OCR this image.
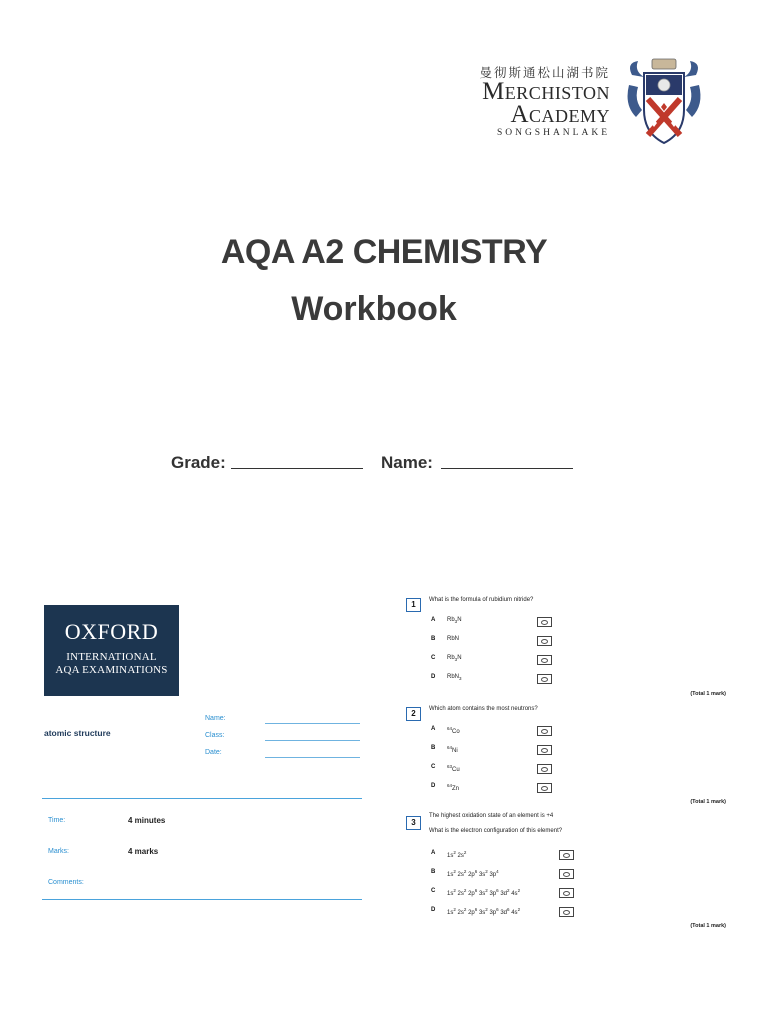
曼彻斯通松山湖书院
Merchiston
Academy
SONGSHANLAKE
AQA A2 CHEMISTRY
Workbook
Grade:	Name:
OXFORD
INTERNATIONAL
AQA EXAMINATIONS
atomic structure
Name:
Class:
Date:
Time:	4 minutes
Marks:	4 marks
Comments:
1	What is the formula of rubidium nitride?
A $Rb_3N$
B RbN
C $Rb_3N$
D RbN$_3$
(Total 1 mark)
2	Which atom contains the most neutrons?
A	$^{64}$Co
B	$^{64}$Ni
C	$^{63}$Cu
D	$^{64}$Zn
(Total 1 mark)
3
The highest oxidation state of an element is +4
What is the electron configuration of this element?
A $1s^2$ $2s^2$
B $1s^2$ $2s^2$ $2p^6$ $3s^2$ $3p^4$
C $1s^2$ $2s^2$ $2p^6$ $3s^2$ $3p^6$ $3d^2$ $4s^2$
D $1s^2$ $2s^2$ $2p^6$ $3s^2$ $3p^6$ $3d^6$ $4s^2$
(Total 1 mark)
